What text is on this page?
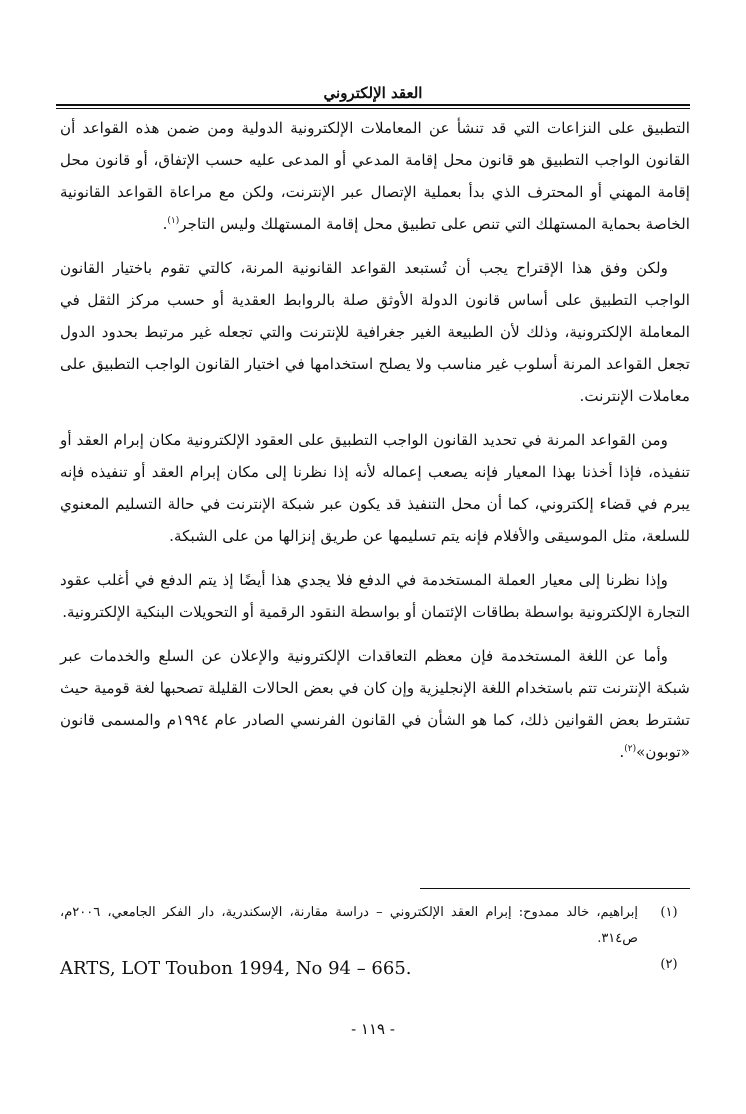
العقد الإلكتروني

التطبيق على النزاعات التي قد تنشأ عن المعاملات الإلكترونية الدولية ومن ضمن هذه القواعد أن القانون الواجب التطبيق هو قانون محل إقامة المدعي أو المدعى عليه حسب الإتفاق، أو قانون محل إقامة المهني أو المحترف الذي بدأ بعملية الإتصال عبر الإنترنت، ولكن مع مراعاة القواعد القانونية الخاصة بحماية المستهلك التي تنص على تطبيق محل إقامة المستهلك وليس التاجر$^{(١)}$.

ولكن وفق هذا الإقتراح يجب أن تُستبعد القواعد القانونية المرنة، كالتي تقوم باختيار القانون الواجب التطبيق على أساس قانون الدولة الأوثق صلة بالروابط العقدية أو حسب مركز الثقل في المعاملة الإلكترونية، وذلك لأن الطبيعة الغير جغرافية للإنترنت والتي تجعله غير مرتبط بحدود الدول تجعل القواعد المرنة أسلوب غير مناسب ولا يصلح استخدامها في اختيار القانون الواجب التطبيق على معاملات الإنترنت.

ومن القواعد المرنة في تحديد القانون الواجب التطبيق على العقود الإلكترونية مكان إبرام العقد أو تنفيذه، فإذا أخذنا بهذا المعيار فإنه يصعب إعماله لأنه إذا نظرنا إلى مكان إبرام العقد أو تنفيذه فإنه يبرم في قضاء إلكتروني، كما أن محل التنفيذ قد يكون عبر شبكة الإنترنت في حالة التسليم المعنوي للسلعة، مثل الموسيقى والأفلام فإنه يتم تسليمها عن طريق إنزالها من على الشبكة.

وإذا نظرنا إلى معيار العملة المستخدمة في الدفع فلا يجدي هذا أيضًا إذ يتم الدفع في أغلب عقود التجارة الإلكترونية بواسطة بطاقات الإئتمان أو بواسطة النقود الرقمية أو التحويلات البنكية الإلكترونية.

وأما عن اللغة المستخدمة فإن معظم التعاقدات الإلكترونية والإعلان عن السلع والخدمات عبر شبكة الإنترنت تتم باستخدام اللغة الإنجليزية وإن كان في بعض الحالات القليلة تصحبها لغة قومية حيث تشترط بعض القوانين ذلك، كما هو الشأن في القانون الفرنسي الصادر عام ١٩٩٤م والمسمى قانون «توبون»$^{(٢)}$.

(١)
إبراهيم، خالد ممدوح: إبرام العقد الإلكتروني – دراسة مقارنة، الإسكندرية، دار الفكر الجامعي، ٢٠٠٦م، ص٣١٤.
(٢)
ARTS, LOT Toubon 1994, No 94 – 665.
- ١١٩ -
